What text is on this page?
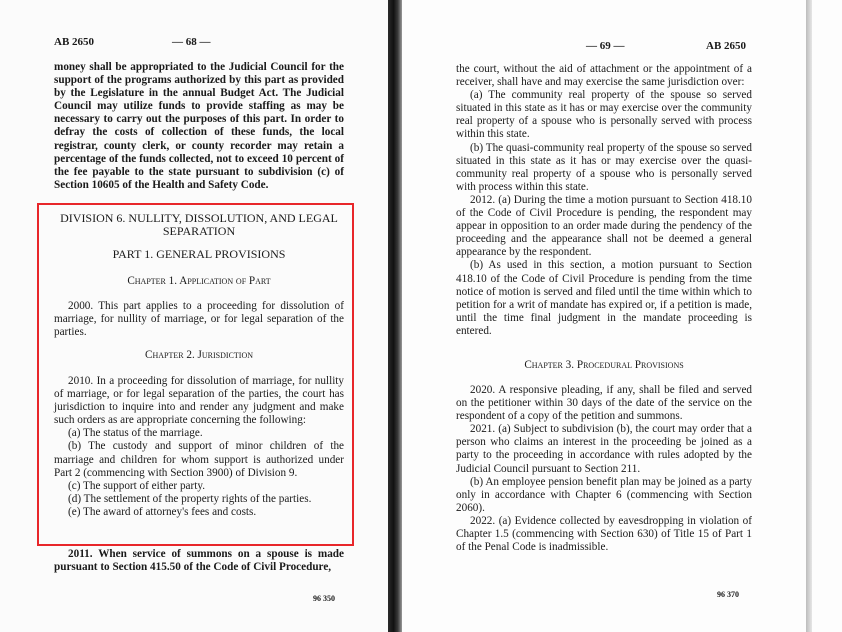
AB 2650	— 68 —
money shall be appropriated to the Judicial Council for the support of the programs authorized by this part as provided by the Legislature in the annual Budget Act. The Judicial Council may utilize funds to provide staffing as may be necessary to carry out the purposes of this part. In order to defray the costs of collection of these funds, the local registrar, county clerk, or county recorder may retain a percentage of the funds collected, not to exceed 10 percent of the fee payable to the state pursuant to subdivision (c) of Section 10605 of the Health and Safety Code.
DIVISION 6. NULLITY, DISSOLUTION, AND LEGAL SEPARATION
PART 1. GENERAL PROVISIONS
Chapter 1. Application of Part

2000. This part applies to a proceeding for dissolution of marriage, for nullity of marriage, or for legal separation of the parties.

Chapter 2. Jurisdiction

2010. In a proceeding for dissolution of marriage, for nullity of marriage, or for legal separation of the parties, the court has jurisdiction to inquire into and render any judgment and make such orders as are appropriate concerning the following:

(a) The status of the marriage.

(b) The custody and support of minor children of the marriage and children for whom support is authorized under Part 2 (commencing with Section 3900) of Division 9.

(c) The support of either party.

(d) The settlement of the property rights of the parties.

(e) The award of attorney's fees and costs.

2011. When service of summons on a spouse is made pursuant to Section 415.50 of the Code of Civil Procedure,

96 350
— 69 —	AB 2650

the court, without the aid of attachment or the appointment of a receiver, shall have and may exercise the same jurisdiction over:

(a) The community real property of the spouse so served situated in this state as it has or may exercise over the community real property of a spouse who is personally served with process within this state.

(b) The quasi-community real property of the spouse so served situated in this state as it has or may exercise over the quasi-community real property of a spouse who is personally served with process within this state.

2012. (a) During the time a motion pursuant to Section 418.10 of the Code of Civil Procedure is pending, the respondent may appear in opposition to an order made during the pendency of the proceeding and the appearance shall not be deemed a general appearance by the respondent.

(b) As used in this section, a motion pursuant to Section 418.10 of the Code of Civil Procedure is pending from the time notice of motion is served and filed until the time within which to petition for a writ of mandate has expired or, if a petition is made, until the time final judgment in the mandate proceeding is entered.

Chapter 3. Procedural Provisions

2020. A responsive pleading, if any, shall be filed and served on the petitioner within 30 days of the date of the service on the respondent of a copy of the petition and summons.

2021. (a) Subject to subdivision (b), the court may order that a person who claims an interest in the proceeding be joined as a party to the proceeding in accordance with rules adopted by the Judicial Council pursuant to Section 211.

(b) An employee pension benefit plan may be joined as a party only in accordance with Chapter 6 (commencing with Section 2060).

2022. (a) Evidence collected by eavesdropping in violation of Chapter 1.5 (commencing with Section 630) of Title 15 of Part 1 of the Penal Code is inadmissible.

96 370
